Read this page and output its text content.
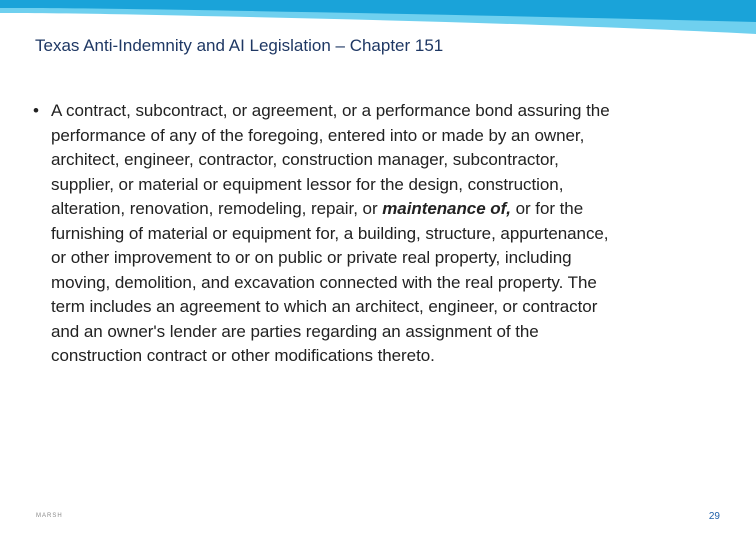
Texas Anti-Indemnity and AI Legislation – Chapter 151
• A contract, subcontract, or agreement, or a performance bond assuring the
performance of any of the foregoing, entered into or made by an owner,
architect, engineer, contractor, construction manager, subcontractor,
supplier, or material or equipment lessor for the design, construction,
alteration, renovation, remodeling, repair, or maintenance of, or for the
furnishing of material or equipment for, a building, structure, appurtenance,
or other improvement to or on public or private real property, including
moving, demolition, and excavation connected with the real property. The
term includes an agreement to which an architect, engineer, or contractor
and an owner's lender are parties regarding an assignment of the
construction contract or other modifications thereto.
MARSH	29
